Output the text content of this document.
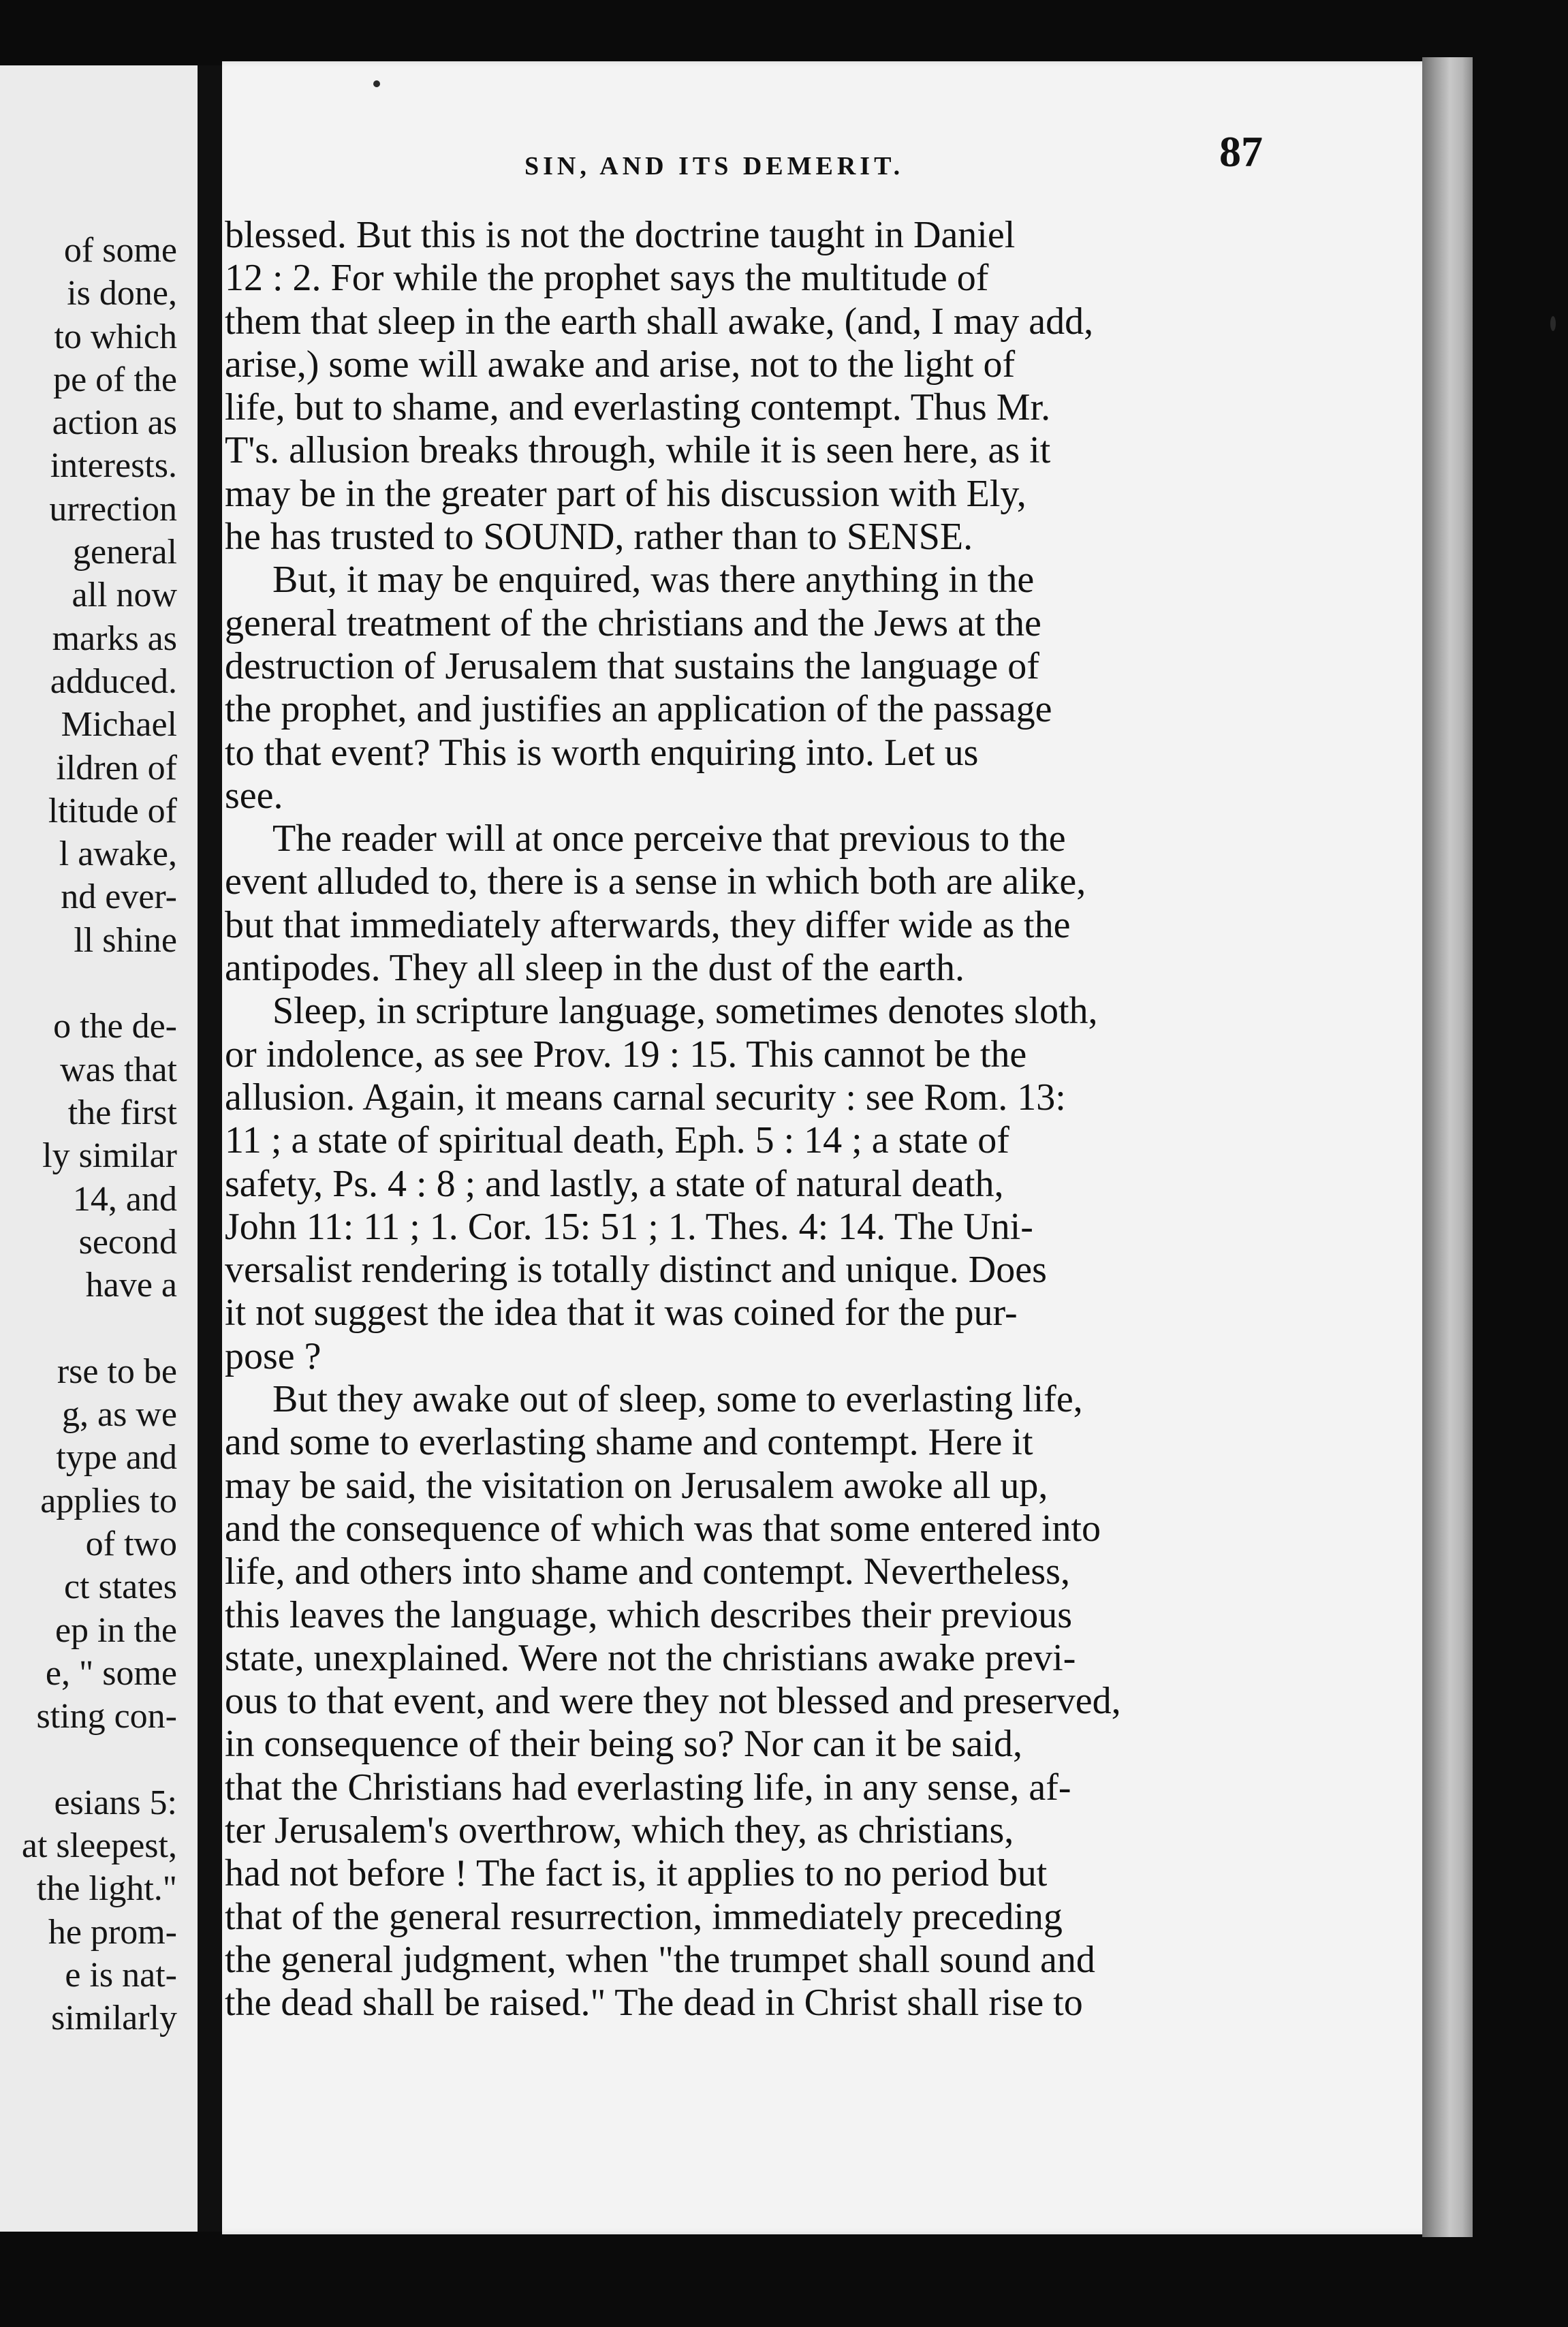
of some
is done,
to which
pe of the
action as
interests.
urrection
general
all now
marks as
adduced.
Michael
ildren of
ltitude of
l awake,
nd ever-
ll shine

o the de-
was that
the first
ly similar
14, and
second
have a

rse to be
g, as we
type and
applies to
of two
ct states
ep in the
e, " some
sting con-

esians 5:
at sleepest,
the light."
he prom-
e is nat-
similarly
SIN, AND ITS DEMERIT.	87
blessed. But this is not the doctrine taught in Daniel
12 : 2. For while the prophet says the multitude of
them that sleep in the earth shall awake, (and, I may add,
arise,) some will awake and arise, not to the light of
life, but to shame, and everlasting contempt. Thus Mr.
T's. allusion breaks through, while it is seen here, as it
may be in the greater part of his discussion with Ely,
he has trusted to SOUND, rather than to SENSE.
But, it may be enquired, was there anything in the
general treatment of the christians and the Jews at the
destruction of Jerusalem that sustains the language of
the prophet, and justifies an application of the passage
to that event? This is worth enquiring into. Let us
see.
The reader will at once perceive that previous to the
event alluded to, there is a sense in which both are alike,
but that immediately afterwards, they differ wide as the
antipodes. They all sleep in the dust of the earth.
Sleep, in scripture language, sometimes denotes sloth,
or indolence, as see Prov. 19 : 15. This cannot be the
allusion. Again, it means carnal security : see Rom. 13:
11 ; a state of spiritual death, Eph. 5 : 14 ; a state of
safety, Ps. 4 : 8 ; and lastly, a state of natural death,
John 11: 11 ; 1. Cor. 15: 51 ; 1. Thes. 4: 14. The Uni-
versalist rendering is totally distinct and unique. Does
it not suggest the idea that it was coined for the pur-
pose ?
But they awake out of sleep, some to everlasting life,
and some to everlasting shame and contempt. Here it
may be said, the visitation on Jerusalem awoke all up,
and the consequence of which was that some entered into
life, and others into shame and contempt. Nevertheless,
this leaves the language, which describes their previous
state, unexplained. Were not the christians awake previ-
ous to that event, and were they not blessed and preserved,
in consequence of their being so? Nor can it be said,
that the Christians had everlasting life, in any sense, af-
ter Jerusalem's overthrow, which they, as christians,
had not before ! The fact is, it applies to no period but
that of the general resurrection, immediately preceding
the general judgment, when "the trumpet shall sound and
the dead shall be raised." The dead in Christ shall rise to
